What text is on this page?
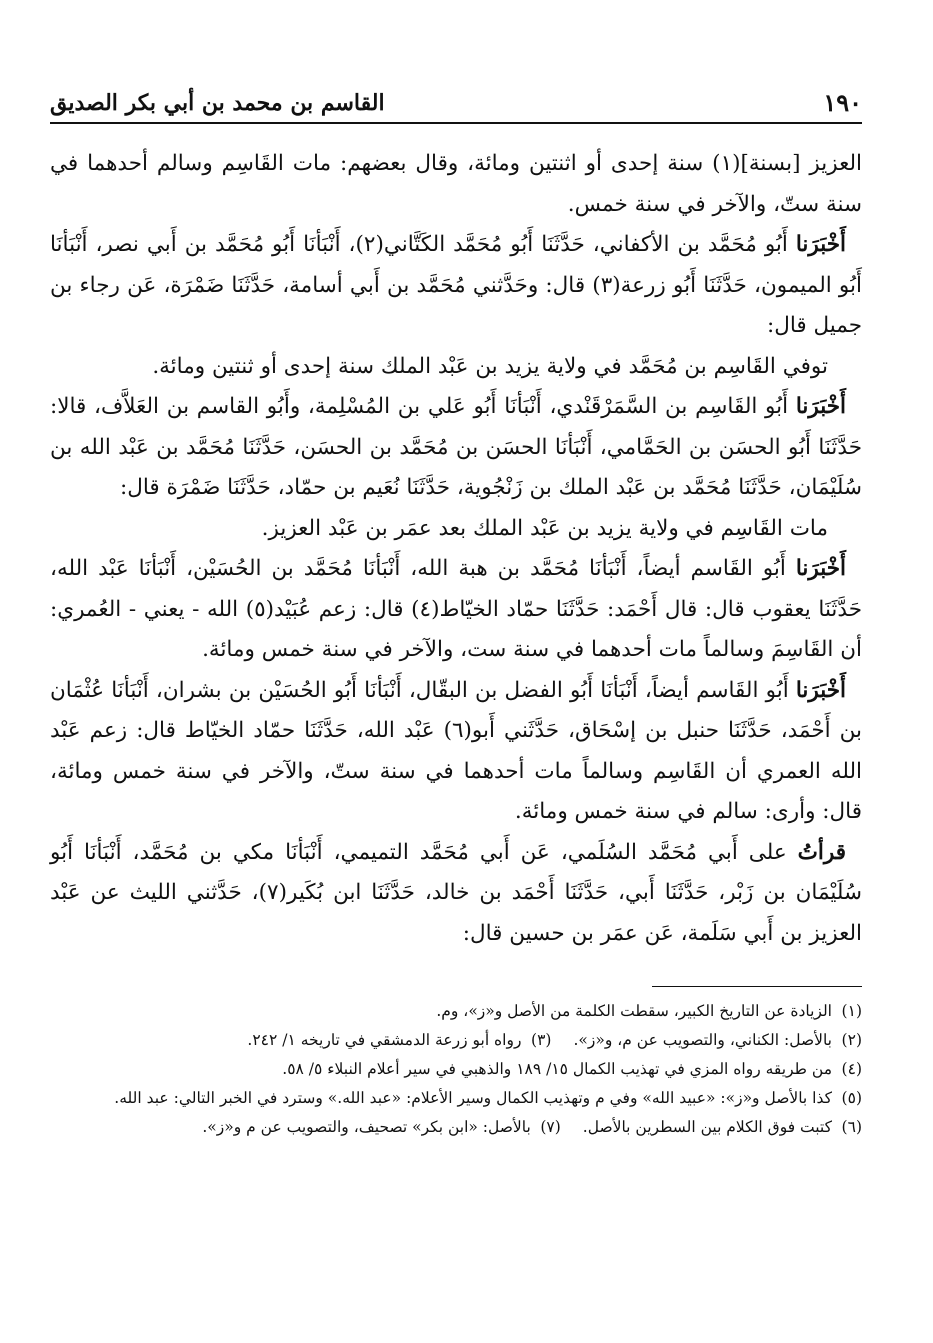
١٩٠
القاسم بن محمد بن أبي بكر الصديق

العزيز [بسنة](١) سنة إحدى أو اثنتين ومائة، وقال بعضهم: مات القَاسِم وسالم أحدهما في سنة ستّ، والآخر في سنة خمس.

أَخْبَرَنا أَبُو مُحَمَّد بن الأكفاني، حَدَّثَنَا أَبُو مُحَمَّد الكَتَّاني(٢)، أَنْبَأنَا أَبُو مُحَمَّد بن أَبي نصر، أَنْبَأنَا أَبُو الميمون، حَدَّثَنَا أَبُو زرعة(٣) قال: وحَدَّثني مُحَمَّد بن أَبي أسامة، حَدَّثَنَا ضَمْرَة، عَن رجاء بن جميل قال:

توفي القَاسِم بن مُحَمَّد في ولاية يزيد بن عَبْد الملك سنة إحدى أو ثنتين ومائة.

أَخْبَرَنا أَبُو القَاسِم بن السَّمَرْقَنْدي، أَنْبَأنَا أَبُو عَلي بن المُسْلِمة، وأَبُو القاسم بن العَلاَّف، قالا: حَدَّثَنَا أَبُو الحسَن بن الحَمَّامي، أَنْبَأنَا الحسَن بن مُحَمَّد بن الحسَن، حَدَّثَنَا مُحَمَّد بن عَبْد الله بن سُلَيْمَان، حَدَّثَنَا مُحَمَّد بن عَبْد الملك بن زَنْجُوية، حَدَّثَنَا نُعَيم بن حمّاد، حَدَّثَنَا ضَمْرَة قال:

مات القَاسِم في ولاية يزيد بن عَبْد الملك بعد عمَر بن عَبْد العزيز.

أَخْبَرَنا أَبُو القَاسم أيضاً، أَنْبَأنَا مُحَمَّد بن هبة الله، أَنْبَأنَا مُحَمَّد بن الحُسَيْن، أَنْبَأنَا عَبْد الله، حَدَّثَنَا يعقوب قال: قال أَحْمَد: حَدَّثَنَا حمّاد الخيّاط(٤) قال: زعم عُبَيْد(٥) الله - يعني - العُمري: أن القَاسِمَ وسالماً مات أحدهما في سنة ست، والآخر في سنة خمس ومائة.

أَخْبَرَنا أَبُو القَاسم أيضاً، أَنْبَأنَا أَبُو الفضل بن البقّال، أَنْبَأنَا أَبُو الحُسَيْن بن بشران، أَنْبَأنَا عُثْمَان بن أَحْمَد، حَدَّثَنَا حنبل بن إسْحَاق، حَدَّثَني أَبو(٦) عَبْد الله، حَدَّثَنَا حمّاد الخيّاط قال: زعم عَبْد الله العمري أن القَاسِم وسالماً مات أحدهما في سنة ستّ، والآخر في سنة خمس ومائة، قال: وأرى: سالم في سنة خمس ومائة.

قرأتُ على أَبي مُحَمَّد السُلَمي، عَن أَبي مُحَمَّد التميمي، أَنْبَأنَا مكي بن مُحَمَّد، أَنْبَأنَا أَبُو سُلَيْمَان بن زَبْر، حَدَّثَنَا أَبي، حَدَّثَنَا أَحْمَد بن خالد، حَدَّثَنَا ابن بُكَير(٧)، حَدَّثني الليث عن عَبْد العزيز بن أَبي سَلَمة، عَن عمَر بن حسين قال:

(١)الزيادة عن التاريخ الكبير، سقطت الكلمة من الأصل و«ز»، وم.
(٢)بالأصل: الكناني، والتصويب عن م، و«ز».
(٣)رواه أبو زرعة الدمشقي في تاريخه ١/ ٢٤٢.
(٤)من طريقه رواه المزي في تهذيب الكمال ١٥/ ١٨٩ والذهبي في سير أعلام النبلاء ٥/ ٥٨.
(٥)كذا بالأصل و«ز»: «عبيد الله» وفي م وتهذيب الكمال وسير الأعلام: «عبد الله.» وسترد في الخبر التالي: عبد الله.
(٦)كتبت فوق الكلام بين السطرين بالأصل.
(٧)بالأصل: «ابن بكر» تصحيف، والتصويب عن م و«ز».
